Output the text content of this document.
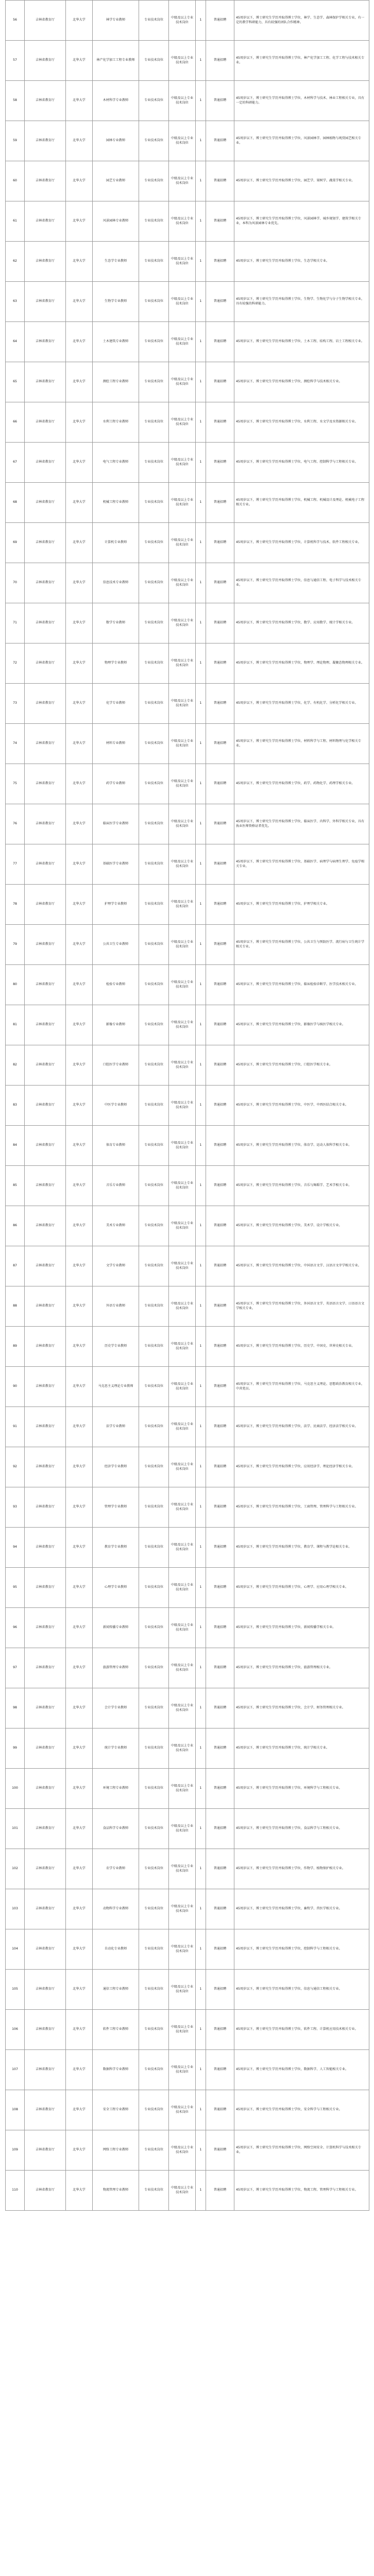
56	吉林省教育厅	北华大学	林学专业教师	专业技术岗位	中级及以上专业技术岗位	1	普通招聘	45周岁以下，博士研究生学历并取得博士学位，林学、生态学、森林保护学相关专业，有一定的教学科研能力，具有较强的团队合作精神。
57	吉林省教育厅	北华大学	林产化学加工工程专业教师	专业技术岗位	中级及以上专业技术岗位	1	普通招聘	45周岁以下，博士研究生学历并取得博士学位，林产化学加工工程、化学工程与技术相关专业。
58	吉林省教育厅	北华大学	木材科学专业教师	专业技术岗位	中级及以上专业技术岗位	1	普通招聘	45周岁以下，博士研究生学历并取得博士学位，木材科学与技术、林业工程相关专业，具有一定的科研能力。
59	吉林省教育厅	北华大学	园林专业教师	专业技术岗位	中级及以上专业技术岗位	1	普通招聘	45周岁以下，博士研究生学历并取得博士学位，风景园林学、园林植物与观赏园艺相关专业。
60	吉林省教育厅	北华大学	园艺专业教师	专业技术岗位	中级及以上专业技术岗位	1	普通招聘	45周岁以下，博士研究生学历并取得博士学位，园艺学、果树学、蔬菜学相关专业。
61	吉林省教育厅	北华大学	风景园林专业教师	专业技术岗位	中级及以上专业技术岗位	1	普通招聘	45周岁以下，博士研究生学历并取得博士学位，风景园林学、城乡规划学、建筑学相关专业，本科为风景园林专业优先。
62	吉林省教育厅	北华大学	生态学专业教师	专业技术岗位	中级及以上专业技术岗位	1	普通招聘	45周岁以下，博士研究生学历并取得博士学位，生态学相关专业。
63	吉林省教育厅	北华大学	生物学专业教师	专业技术岗位	中级及以上专业技术岗位	1	普通招聘	45周岁以下，博士研究生学历并取得博士学位，生物学、生物化学与分子生物学相关专业，具有较强的科研能力。
64	吉林省教育厅	北华大学	土木建筑专业教师	专业技术岗位	中级及以上专业技术岗位	1	普通招聘	45周岁以下，博士研究生学历并取得博士学位，土木工程、结构工程、岩土工程相关专业。
65	吉林省教育厅	北华大学	测绘工程专业教师	专业技术岗位	中级及以上专业技术岗位	1	普通招聘	45周岁以下，博士研究生学历并取得博士学位，测绘科学与技术相关专业。
66	吉林省教育厅	北华大学	水利工程专业教师	专业技术岗位	中级及以上专业技术岗位	1	普通招聘	45周岁以下，博士研究生学历并取得博士学位，水利工程、水文学及水资源相关专业。
67	吉林省教育厅	北华大学	电气工程专业教师	专业技术岗位	中级及以上专业技术岗位	1	普通招聘	45周岁以下，博士研究生学历并取得博士学位，电气工程、控制科学与工程相关专业。
68	吉林省教育厅	北华大学	机械工程专业教师	专业技术岗位	中级及以上专业技术岗位	1	普通招聘	45周岁以下，博士研究生学历并取得博士学位，机械工程、机械设计及理论、机械电子工程相关专业。
69	吉林省教育厅	北华大学	计算机专业教师	专业技术岗位	中级及以上专业技术岗位	1	普通招聘	45周岁以下，博士研究生学历并取得博士学位，计算机科学与技术、软件工程相关专业。
70	吉林省教育厅	北华大学	信息技术专业教师	专业技术岗位	中级及以上专业技术岗位	1	普通招聘	45周岁以下，博士研究生学历并取得博士学位，信息与通信工程、电子科学与技术相关专业。
71	吉林省教育厅	北华大学	数学专业教师	专业技术岗位	中级及以上专业技术岗位	1	普通招聘	45周岁以下，博士研究生学历并取得博士学位，数学、应用数学、统计学相关专业。
72	吉林省教育厅	北华大学	物理学专业教师	专业技术岗位	中级及以上专业技术岗位	1	普通招聘	45周岁以下，博士研究生学历并取得博士学位，物理学、理论物理、凝聚态物理相关专业。
73	吉林省教育厅	北华大学	化学专业教师	专业技术岗位	中级及以上专业技术岗位	1	普通招聘	45周岁以下，博士研究生学历并取得博士学位，化学、有机化学、分析化学相关专业。
74	吉林省教育厅	北华大学	材料专业教师	专业技术岗位	中级及以上专业技术岗位	1	普通招聘	45周岁以下，博士研究生学历并取得博士学位，材料科学与工程、材料物理与化学相关专业。
75	吉林省教育厅	北华大学	药学专业教师	专业技术岗位	中级及以上专业技术岗位	1	普通招聘	45周岁以下，博士研究生学历并取得博士学位，药学、药物化学、药理学相关专业。
76	吉林省教育厅	北华大学	临床医学专业教师	专业技术岗位	中级及以上专业技术岗位	1	普通招聘	45周岁以下，博士研究生学历并取得博士学位，临床医学、内科学、外科学相关专业，具有执业医师资格证者优先。
77	吉林省教育厅	北华大学	基础医学专业教师	专业技术岗位	中级及以上专业技术岗位	1	普通招聘	45周岁以下，博士研究生学历并取得博士学位，基础医学、病理学与病理生理学、免疫学相关专业。
78	吉林省教育厅	北华大学	护理学专业教师	专业技术岗位	中级及以上专业技术岗位	1	普通招聘	45周岁以下，博士研究生学历并取得博士学位，护理学相关专业。
79	吉林省教育厅	北华大学	公共卫生专业教师	专业技术岗位	中级及以上专业技术岗位	1	普通招聘	45周岁以下，博士研究生学历并取得博士学位，公共卫生与预防医学、流行病与卫生统计学相关专业。
80	吉林省教育厅	北华大学	检验专业教师	专业技术岗位	中级及以上专业技术岗位	1	普通招聘	45周岁以下，博士研究生学历并取得博士学位，临床检验诊断学、医学技术相关专业。
81	吉林省教育厅	北华大学	影像专业教师	专业技术岗位	中级及以上专业技术岗位	1	普通招聘	45周岁以下，博士研究生学历并取得博士学位，影像医学与核医学相关专业。
82	吉林省教育厅	北华大学	口腔医学专业教师	专业技术岗位	中级及以上专业技术岗位	1	普通招聘	45周岁以下，博士研究生学历并取得博士学位，口腔医学相关专业。
83	吉林省教育厅	北华大学	中医学专业教师	专业技术岗位	中级及以上专业技术岗位	1	普通招聘	45周岁以下，博士研究生学历并取得博士学位，中医学、中西医结合相关专业。
84	吉林省教育厅	北华大学	体育专业教师	专业技术岗位	中级及以上专业技术岗位	1	普通招聘	45周岁以下，博士研究生学历并取得博士学位，体育学、运动人体科学相关专业。
85	吉林省教育厅	北华大学	音乐专业教师	专业技术岗位	中级及以上专业技术岗位	1	普通招聘	45周岁以下，博士研究生学历并取得博士学位，音乐与舞蹈学、艺术学相关专业。
86	吉林省教育厅	北华大学	美术专业教师	专业技术岗位	中级及以上专业技术岗位	1	普通招聘	45周岁以下，博士研究生学历并取得博士学位，美术学、设计学相关专业。
87	吉林省教育厅	北华大学	文学专业教师	专业技术岗位	中级及以上专业技术岗位	1	普通招聘	45周岁以下，博士研究生学历并取得博士学位，中国语言文学、汉语言文字学相关专业。
88	吉林省教育厅	北华大学	外语专业教师	专业技术岗位	中级及以上专业技术岗位	1	普通招聘	45周岁以下，博士研究生学历并取得博士学位，外国语言文学、英语语言文学、日语语言文学相关专业。
89	吉林省教育厅	北华大学	历史学专业教师	专业技术岗位	中级及以上专业技术岗位	1	普通招聘	45周岁以下，博士研究生学历并取得博士学位，历史学、中国史、世界史相关专业。
90	吉林省教育厅	北华大学	马克思主义理论专业教师	专业技术岗位	中级及以上专业技术岗位	1	普通招聘	45周岁以下，博士研究生学历并取得博士学位，马克思主义理论、思想政治教育相关专业，中共党员。
91	吉林省教育厅	北华大学	法学专业教师	专业技术岗位	中级及以上专业技术岗位	1	普通招聘	45周岁以下，博士研究生学历并取得博士学位，法学、民商法学、经济法学相关专业。
92	吉林省教育厅	北华大学	经济学专业教师	专业技术岗位	中级及以上专业技术岗位	1	普通招聘	45周岁以下，博士研究生学历并取得博士学位，应用经济学、理论经济学相关专业。
93	吉林省教育厅	北华大学	管理学专业教师	专业技术岗位	中级及以上专业技术岗位	1	普通招聘	45周岁以下，博士研究生学历并取得博士学位，工商管理、管理科学与工程相关专业。
94	吉林省教育厅	北华大学	教育学专业教师	专业技术岗位	中级及以上专业技术岗位	1	普通招聘	45周岁以下，博士研究生学历并取得博士学位，教育学、课程与教学论相关专业。
95	吉林省教育厅	北华大学	心理学专业教师	专业技术岗位	中级及以上专业技术岗位	1	普通招聘	45周岁以下，博士研究生学历并取得博士学位，心理学、应用心理学相关专业。
96	吉林省教育厅	北华大学	新闻传播专业教师	专业技术岗位	中级及以上专业技术岗位	1	普通招聘	45周岁以下，博士研究生学历并取得博士学位，新闻传播学相关专业。
97	吉林省教育厅	北华大学	旅游管理专业教师	专业技术岗位	中级及以上专业技术岗位	1	普通招聘	45周岁以下，博士研究生学历并取得博士学位，旅游管理相关专业。
98	吉林省教育厅	北华大学	会计学专业教师	专业技术岗位	中级及以上专业技术岗位	1	普通招聘	45周岁以下，博士研究生学历并取得博士学位，会计学、财务管理相关专业。
99	吉林省教育厅	北华大学	统计学专业教师	专业技术岗位	中级及以上专业技术岗位	1	普通招聘	45周岁以下，博士研究生学历并取得博士学位，统计学相关专业。
100	吉林省教育厅	北华大学	环境工程专业教师	专业技术岗位	中级及以上专业技术岗位	1	普通招聘	45周岁以下，博士研究生学历并取得博士学位，环境科学与工程相关专业。
101	吉林省教育厅	北华大学	食品科学专业教师	专业技术岗位	中级及以上专业技术岗位	1	普通招聘	45周岁以下，博士研究生学历并取得博士学位，食品科学与工程相关专业。
102	吉林省教育厅	北华大学	农学专业教师	专业技术岗位	中级及以上专业技术岗位	1	普通招聘	45周岁以下，博士研究生学历并取得博士学位，作物学、植物保护相关专业。
103	吉林省教育厅	北华大学	动物科学专业教师	专业技术岗位	中级及以上专业技术岗位	1	普通招聘	45周岁以下，博士研究生学历并取得博士学位，畜牧学、兽医学相关专业。
104	吉林省教育厅	北华大学	自动化专业教师	专业技术岗位	中级及以上专业技术岗位	1	普通招聘	45周岁以下，博士研究生学历并取得博士学位，控制科学与工程相关专业。
105	吉林省教育厅	北华大学	通信工程专业教师	专业技术岗位	中级及以上专业技术岗位	1	普通招聘	45周岁以下，博士研究生学历并取得博士学位，信息与通信工程相关专业。
106	吉林省教育厅	北华大学	软件工程专业教师	专业技术岗位	中级及以上专业技术岗位	1	普通招聘	45周岁以下，博士研究生学历并取得博士学位，软件工程、计算机应用技术相关专业。
107	吉林省教育厅	北华大学	数据科学专业教师	专业技术岗位	中级及以上专业技术岗位	1	普通招聘	45周岁以下，博士研究生学历并取得博士学位，数据科学、人工智能相关专业。
108	吉林省教育厅	北华大学	安全工程专业教师	专业技术岗位	中级及以上专业技术岗位	1	普通招聘	45周岁以下，博士研究生学历并取得博士学位，安全科学与工程相关专业。
109	吉林省教育厅	北华大学	网络工程专业教师	专业技术岗位	中级及以上专业技术岗位	1	普通招聘	45周岁以下，博士研究生学历并取得博士学位，网络空间安全、计算机科学与技术相关专业。
110	吉林省教育厅	北华大学	物流管理专业教师	专业技术岗位	中级及以上专业技术岗位	1	普通招聘	45周岁以下，博士研究生学历并取得博士学位，物流工程、管理科学与工程相关专业。
